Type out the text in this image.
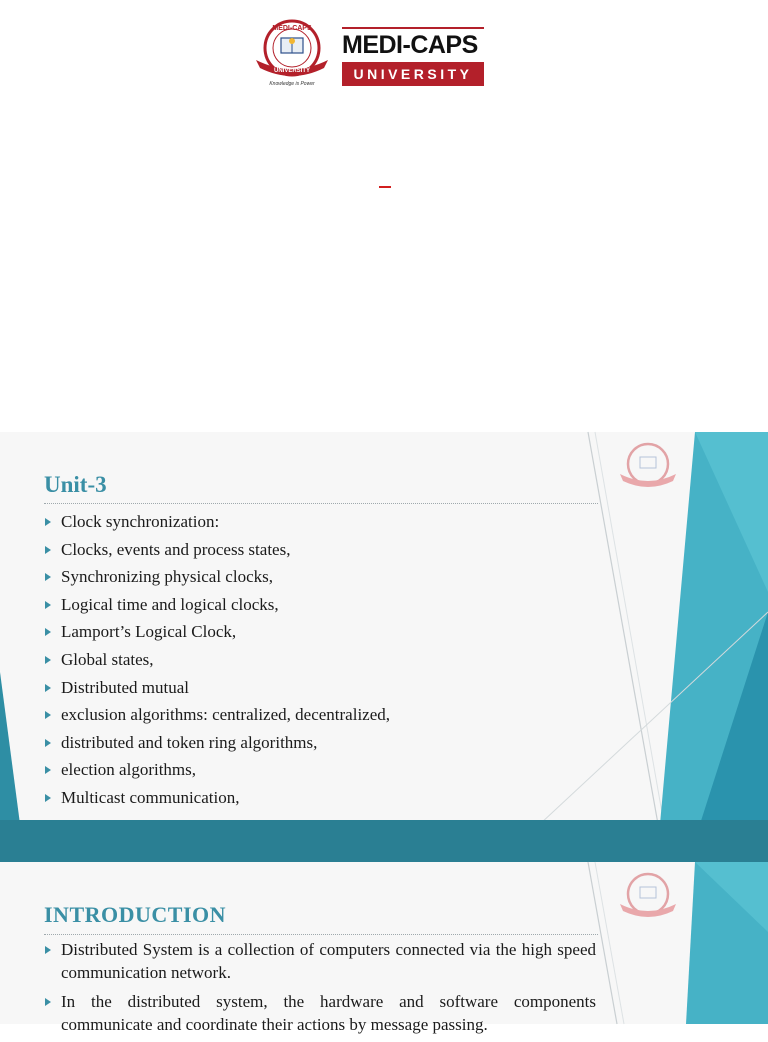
UNIVERSITY
MEDI-CAPS
Knowledge is Power
MEDI-CAPS
UNIVERSITY
Unit-3
Clock synchronization:
Clocks, events and process states,
Synchronizing physical clocks,
Logical time and logical clocks,
Lamport’s Logical Clock,
Global states,
Distributed mutual
exclusion algorithms: centralized, decentralized,
distributed and token ring algorithms,
election algorithms,
Multicast communication,
INTRODUCTION
Distributed System is a collection of computers connected via the high speed communication network.
In the distributed system, the hardware and software components communicate and coordinate their actions by message passing.
